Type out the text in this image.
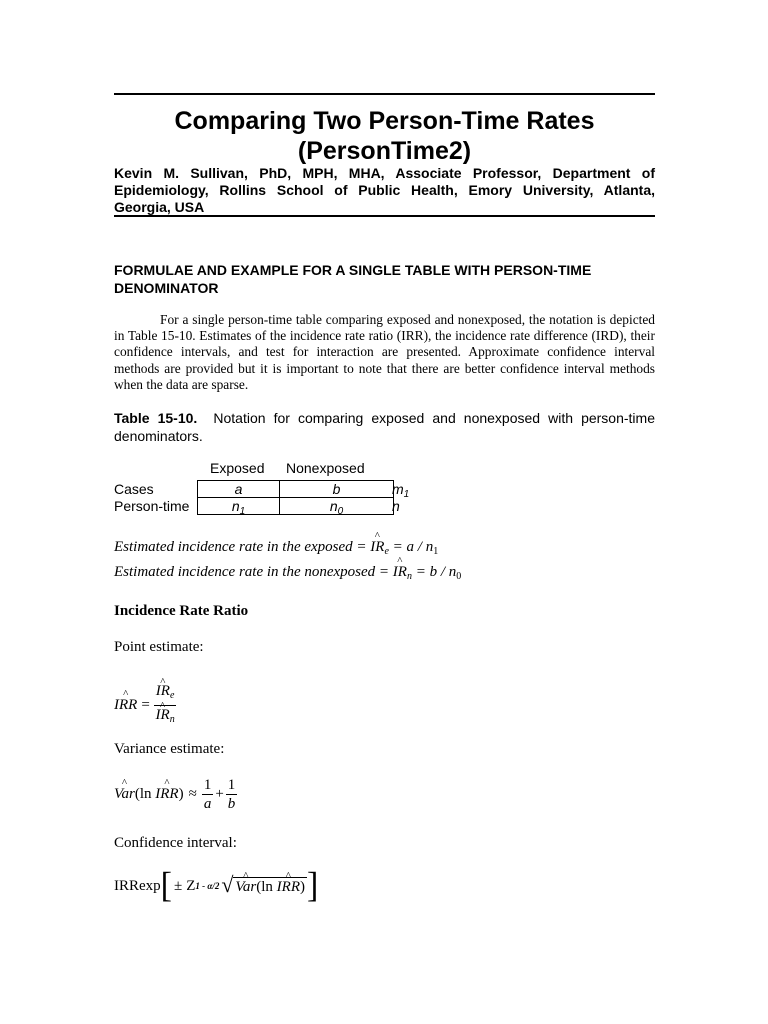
Comparing Two Person-Time Rates
(PersonTime2)
Kevin M. Sullivan, PhD, MPH, MHA, Associate Professor, Department of Epidemiology, Rollins School of Public Health, Emory University, Atlanta, Georgia, USA
FORMULAE AND EXAMPLE FOR A SINGLE TABLE WITH PERSON-TIME DENOMINATOR
For a single person-time table comparing exposed and nonexposed, the notation is depicted in Table 15-10. Estimates of the incidence rate ratio (IRR), the incidence rate difference (IRD), their confidence intervals, and test for interaction are presented. Approximate confidence interval methods are provided but it is important to note that there are better confidence interval methods when the data are sparse.
Table 15-10. Notation for comparing exposed and nonexposed with person-time denominators.
Exposed Nonexposed
Cases
Person-time
a	b
$n_1$	$n_0$
$m_1$
n
Estimated incidence rate in the exposed = ^ $IR_e = a / n_1$
Estimated incidence rate in the nonexposed = ^ $IR_n = b / n_0$
Incidence Rate Ratio
Point estimate:
^ IRR = ^ $IR_e$
^ $IR_n$
Variance estimate:
^ Var (ln
^ IRR ) ≈ $\frac{1}{a} + \frac{1}{b}$
Confidence interval:
IRRexp [ ± Z 1 - α/2 √ ^ Var(ln ^ IRR) ]
